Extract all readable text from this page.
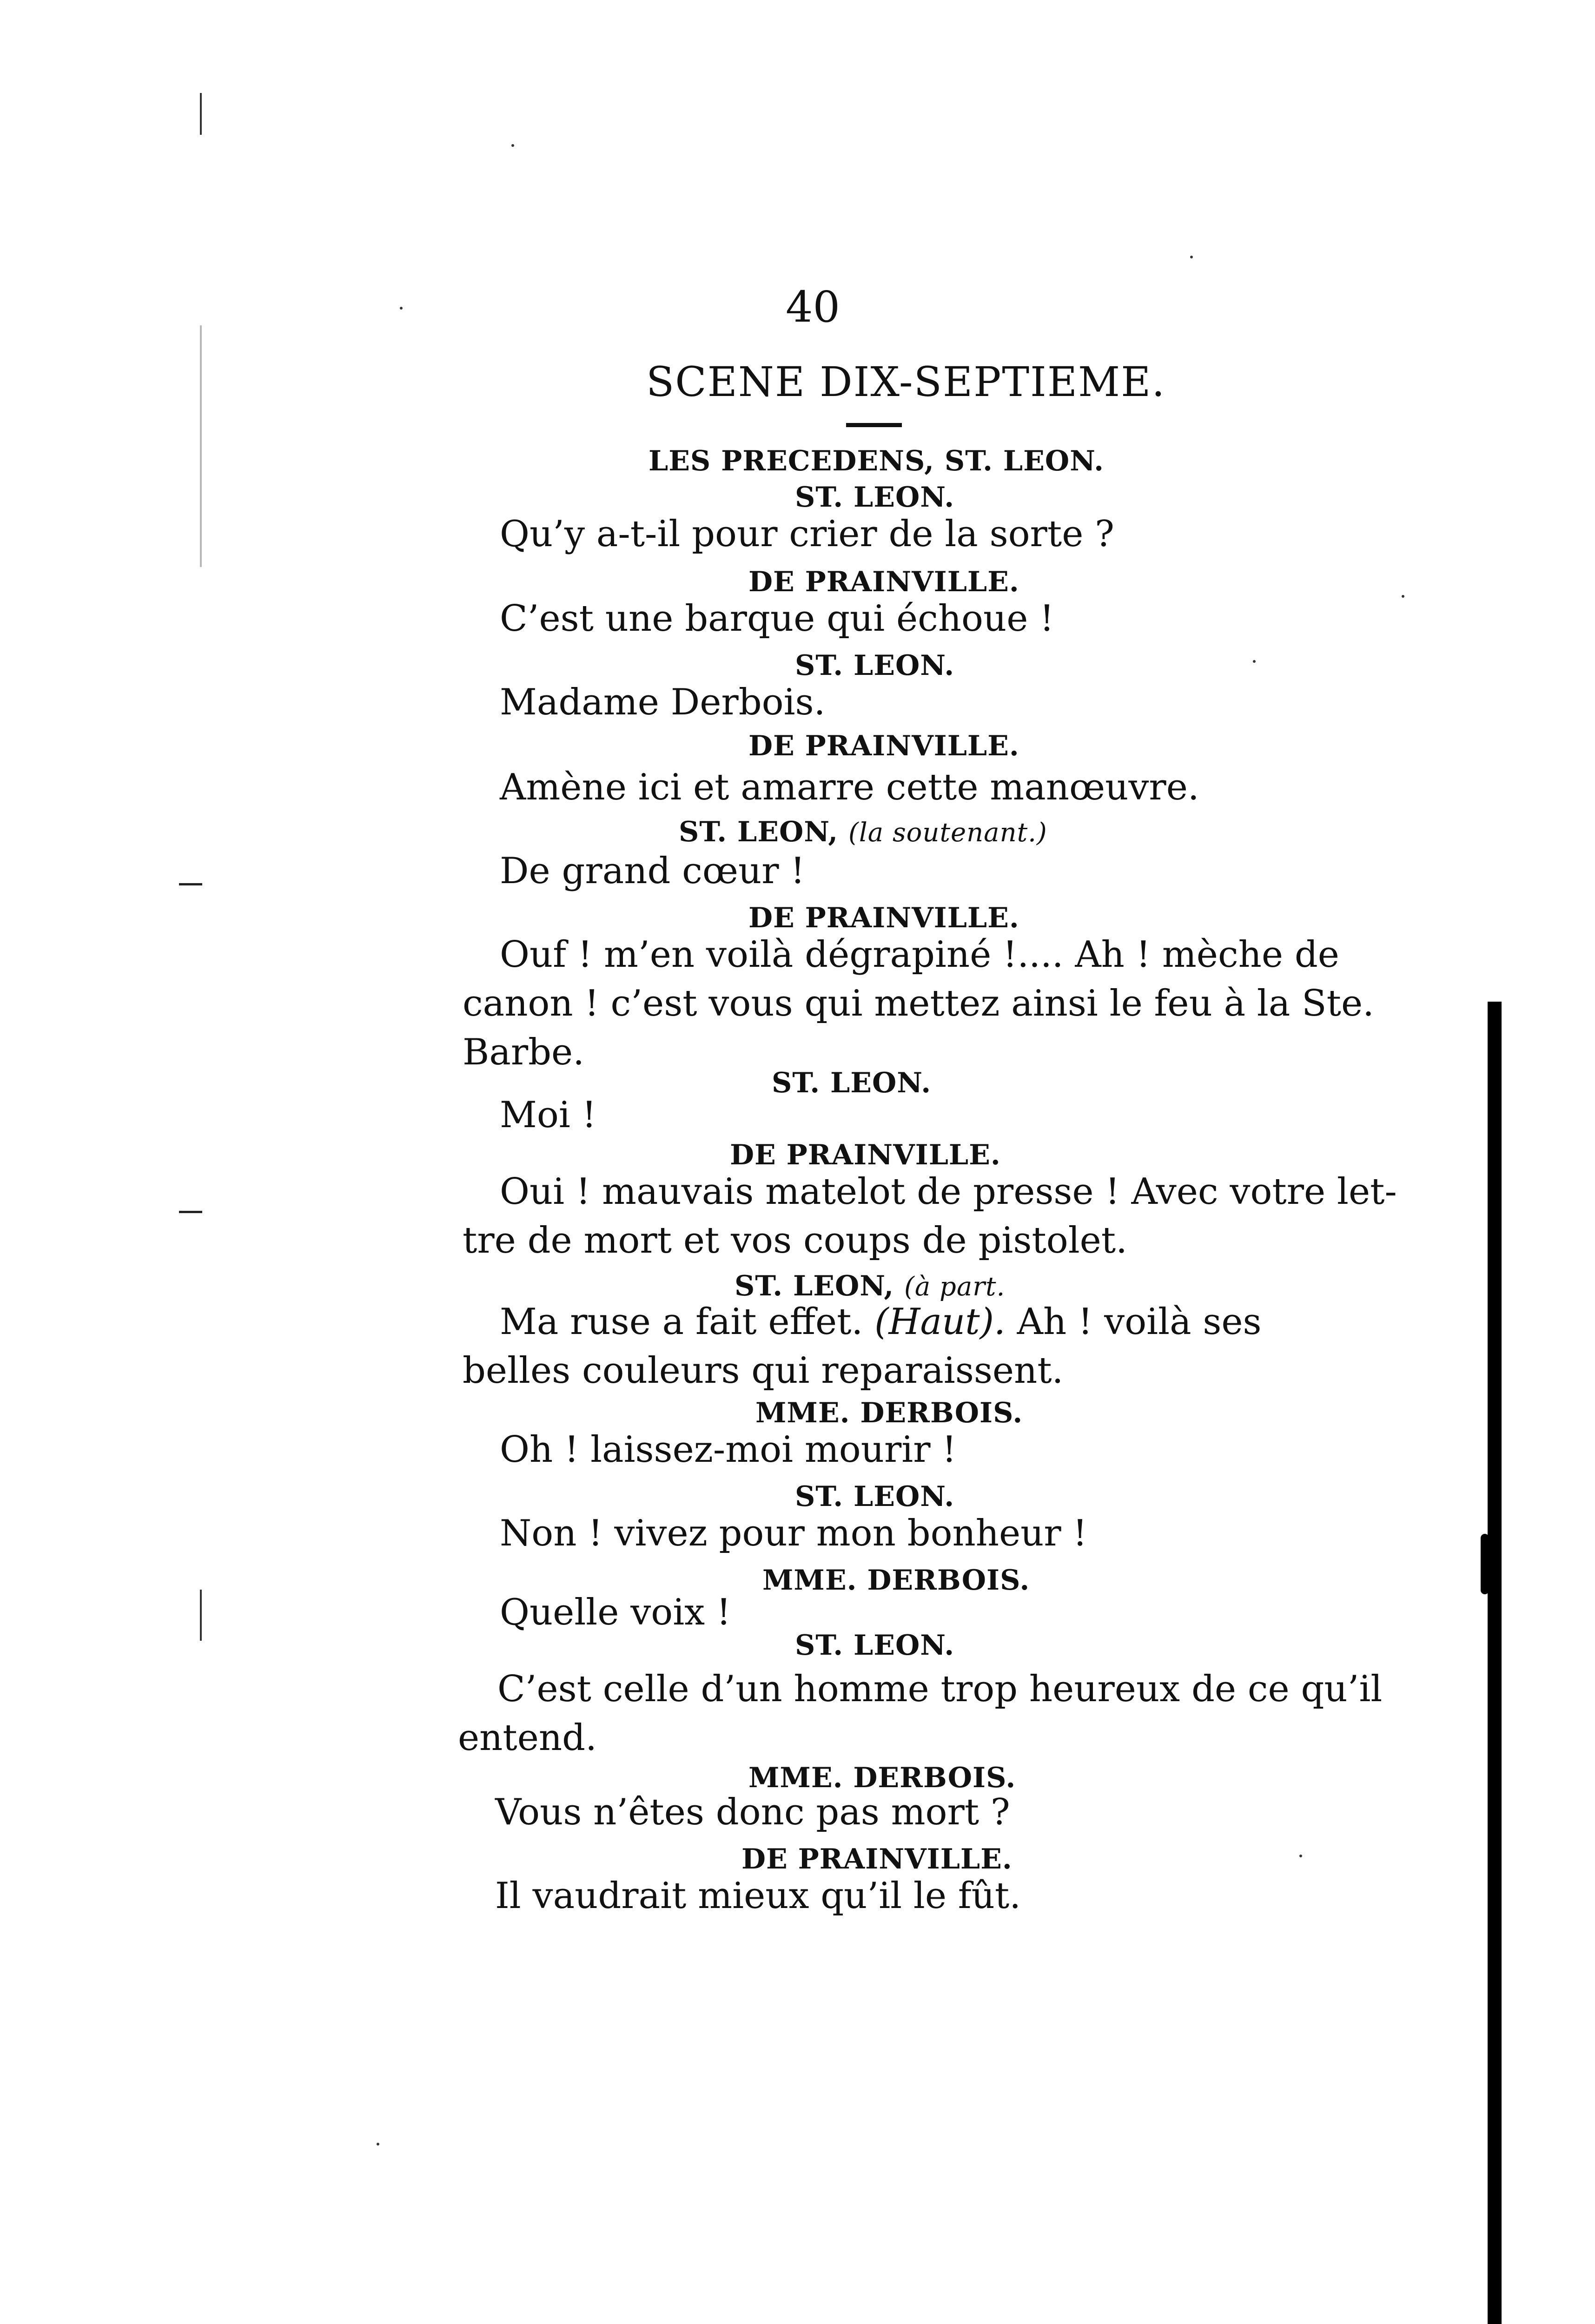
40
SCENE DIX-SEPTIEME.
LES PRECEDENS, ST. LEON.
ST. LEON.
Qu’y a-t-il pour crier de la sorte ?
DE PRAINVILLE.
C’est une barque qui échoue !
ST. LEON.
Madame Derbois.
DE PRAINVILLE.
Amène ici et amarre cette manœuvre.
ST. LEON, (la soutenant.)
De grand cœur !
DE PRAINVILLE.
Ouf ! m’en voilà dégrapiné !.... Ah ! mèche de
canon ! c’est vous qui mettez ainsi le feu à la Ste.
Barbe.
ST. LEON.
Moi !
DE PRAINVILLE.
Oui ! mauvais matelot de presse ! Avec votre let-
tre de mort et vos coups de pistolet.
ST. LEON, (à part.
Ma ruse a fait effet. (Haut). Ah ! voilà ses
belles couleurs qui reparaissent.
MME. DERBOIS.
Oh ! laissez-moi mourir !
ST. LEON.
Non ! vivez pour mon bonheur !
MME. DERBOIS.
Quelle voix !
ST. LEON.
C’est celle d’un homme trop heureux de ce qu’il
entend.
MME. DERBOIS.
Vous n’êtes donc pas mort ?
DE PRAINVILLE.
Il vaudrait mieux qu’il le fût.
